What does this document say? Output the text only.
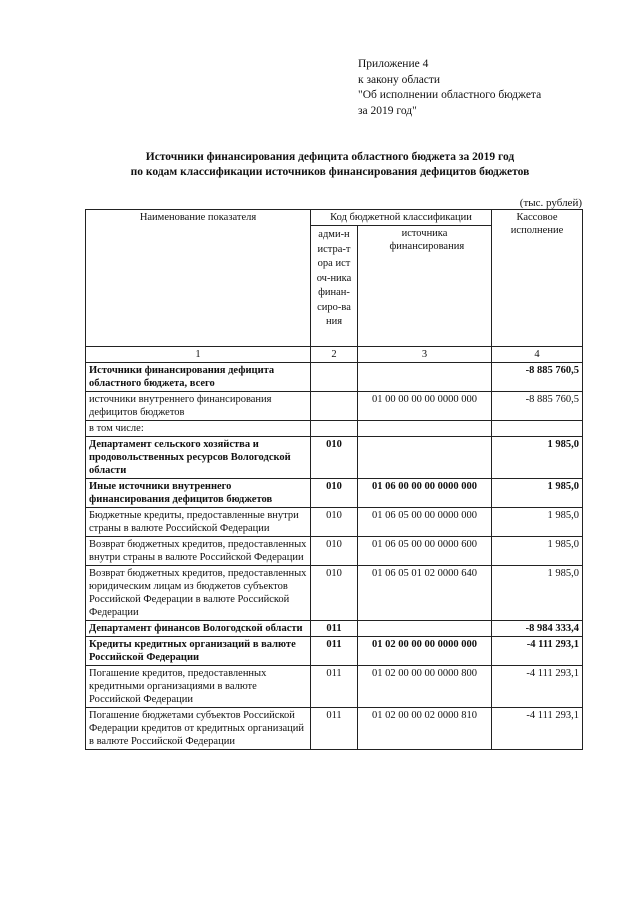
Приложение 4
к закону области
"Об исполнении областного бюджета
за 2019 год"
Источники финансирования дефицита областного бюджета за 2019 год
по кодам классификации источников финансирования дефицитов бюджетов
(тыс. рублей)
Наименование показателя	Код бюджетной классификации		Кассовое исполнение

	адми-нистра-тора источ-ника финан-сиро-вания	источника финансирования	

1	2	3	4
Источники финансирования дефицита областного бюджета, всего			-8 885 760,5
источники внутреннего финансирования дефицитов бюджетов		01 00 00 00 00 0000 000	-8 885 760,5
в том числе:			
Департамент сельского хозяйства и продовольственных ресурсов Вологодской области	010		1 985,0
Иные источники внутреннего финансирования дефицитов бюджетов	010	01 06 00 00 00 0000 000	1 985,0
Бюджетные кредиты, предоставленные внутри страны в валюте Российской Федерации	010	01 06 05 00 00 0000 000	1 985,0
Возврат бюджетных кредитов, предоставленных внутри страны в валюте Российской Федерации	010	01 06 05 00 00 0000 600	1 985,0
Возврат бюджетных кредитов, предоставленных юридическим лицам из бюджетов субъектов Российской Федерации в валюте Российской Федерации	010	01 06 05 01 02 0000 640	1 985,0
Департамент финансов Вологодской области	011		-8 984 333,4
Кредиты кредитных организаций в валюте Российской Федерации	011	01 02 00 00 00 0000 000	-4 111 293,1
Погашение кредитов, предоставленных кредитными организациями в валюте Российской Федерации	011	01 02 00 00 00 0000 800	-4 111 293,1
Погашение бюджетами субъектов Российской Федерации кредитов от кредитных организаций в валюте Российской Федерации	011	01 02 00 00 02 0000 810	-4 111 293,1
